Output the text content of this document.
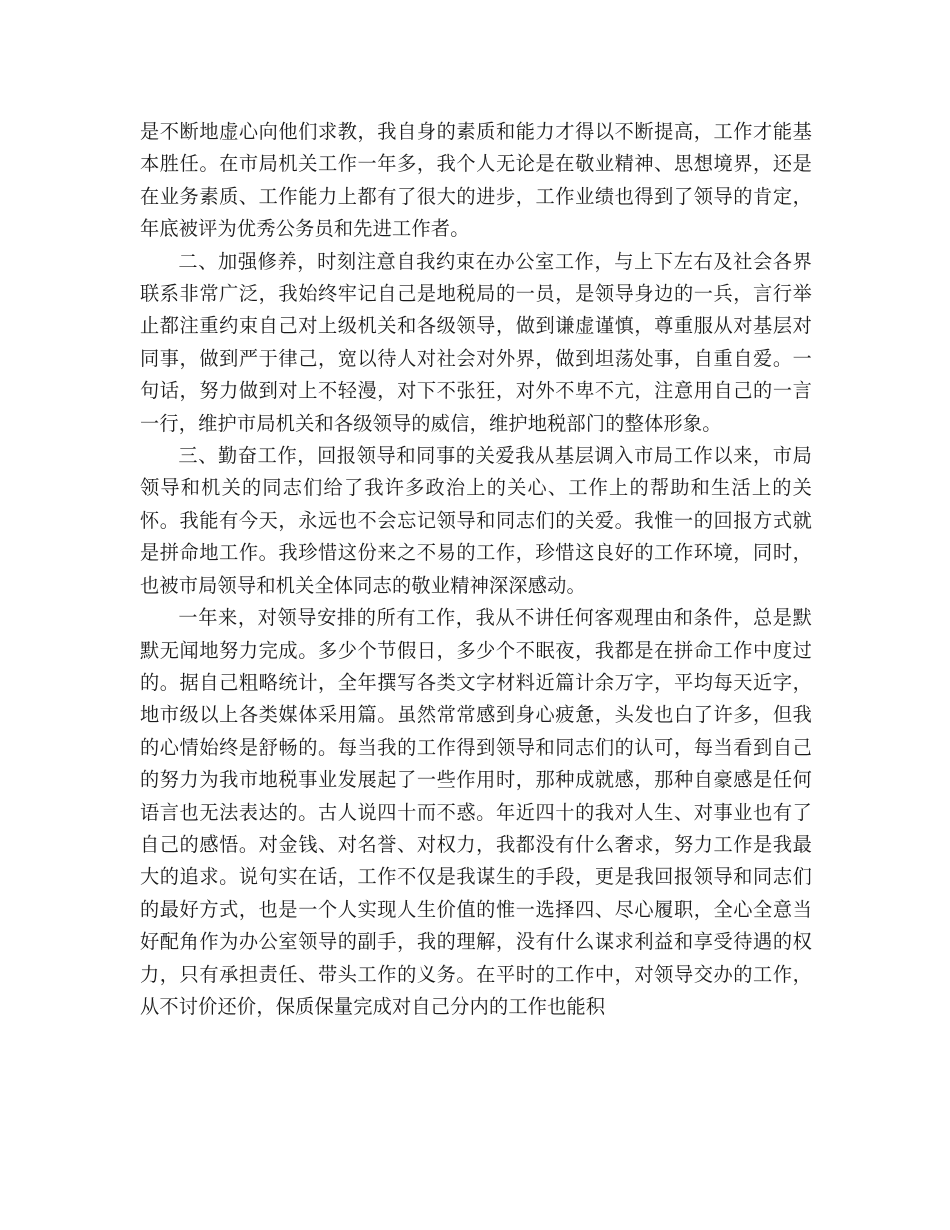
是不断地虚心向他们求教，我自身的素质和能力才得以不断提高，工作才能基本胜任。在市局机关工作一年多，我个人无论是在敬业精神、思想境界，还是在业务素质、工作能力上都有了很大的进步，工作业绩也得到了领导的肯定，年底被评为优秀公务员和先进工作者。

二、加强修养，时刻注意自我约束在办公室工作，与上下左右及社会各界联系非常广泛，我始终牢记自己是地税局的一员，是领导身边的一兵，言行举止都注重约束自己对上级机关和各级领导，做到谦虚谨慎，尊重服从对基层对同事，做到严于律己，宽以待人对社会对外界，做到坦荡处事，自重自爱。一句话，努力做到对上不轻漫，对下不张狂，对外不卑不亢，注意用自己的一言一行，维护市局机关和各级领导的威信，维护地税部门的整体形象。

三、勤奋工作，回报领导和同事的关爱我从基层调入市局工作以来，市局领导和机关的同志们给了我许多政治上的关心、工作上的帮助和生活上的关怀。我能有今天，永远也不会忘记领导和同志们的关爱。我惟一的回报方式就是拼命地工作。我珍惜这份来之不易的工作，珍惜这良好的工作环境，同时，也被市局领导和机关全体同志的敬业精神深深感动。

一年来，对领导安排的所有工作，我从不讲任何客观理由和条件，总是默默无闻地努力完成。多少个节假日，多少个不眠夜，我都是在拼命工作中度过的。据自己粗略统计，全年撰写各类文字材料近篇计余万字，平均每天近字，地市级以上各类媒体采用篇。虽然常常感到身心疲惫，头发也白了许多，但我的心情始终是舒畅的。每当我的工作得到领导和同志们的认可，每当看到自己的努力为我市地税事业发展起了一些作用时，那种成就感，那种自豪感是任何语言也无法表达的。古人说四十而不惑。年近四十的我对人生、对事业也有了自己的感悟。对金钱、对名誉、对权力，我都没有什么奢求，努力工作是我最大的追求。说句实在话，工作不仅是我谋生的手段，更是我回报领导和同志们的最好方式，也是一个人实现人生价值的惟一选择四、尽心履职，全心全意当好配角作为办公室领导的副手，我的理解，没有什么谋求利益和享受待遇的权力，只有承担责任、带头工作的义务。在平时的工作中，对领导交办的工作，从不讨价还价，保质保量完成对自己分内的工作也能积
